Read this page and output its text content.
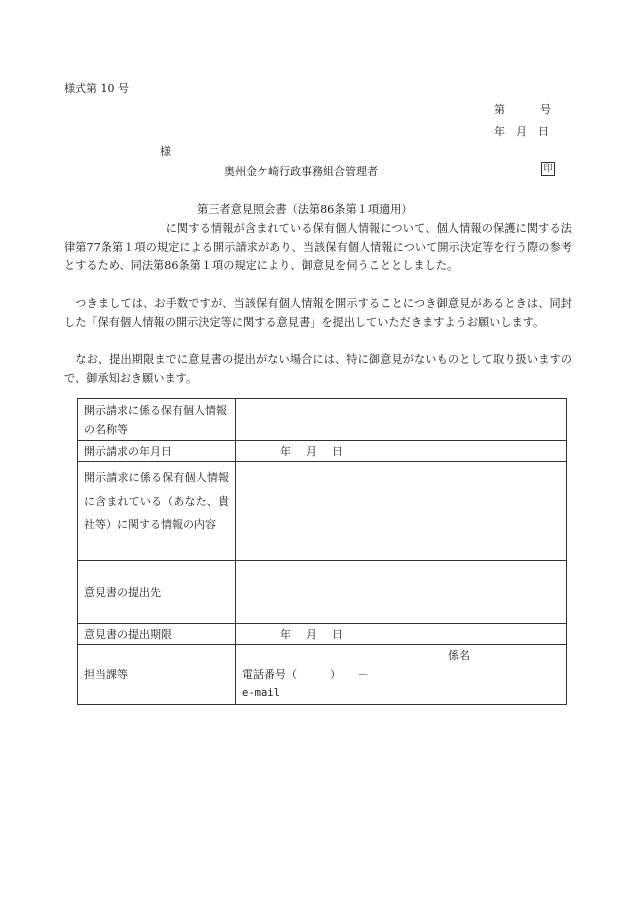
様式第 10 号
第　　　号
年　月　日
様
奥州金ケ崎行政事務組合管理者	印
第三者意見照会書（法第86条第１項適用）
　　　　　　　　　に関する情報が含まれている保有個人情報について、個人情報の保護に関する法律第77条第１項の規定による開示請求があり、当該保有個人情報について開示決定等を行う際の参考とするため、同法第86条第１項の規定により、御意見を伺うこととしました。
　つきましては、お手数ですが、当該保有個人情報を開示することにつき御意見があるときは、同封した「保有個人情報の開示決定等に関する意見書」を提出していただきますようお願いします。
　なお、提出期限までに意見書の提出がない場合には、特に御意見がないものとして取り扱いますので、御承知おき願います。
開示請求に係る保有個人情報の名称等	
開示請求の年月日	年 月 日
開示請求に係る保有個人情報に含まれている（あなた、貴社等）に関する情報の内容	
意見書の提出先	
意見書の提出期限	年 月 日
担当課等	係名
電話番号（　　　）　　－
e-mail
